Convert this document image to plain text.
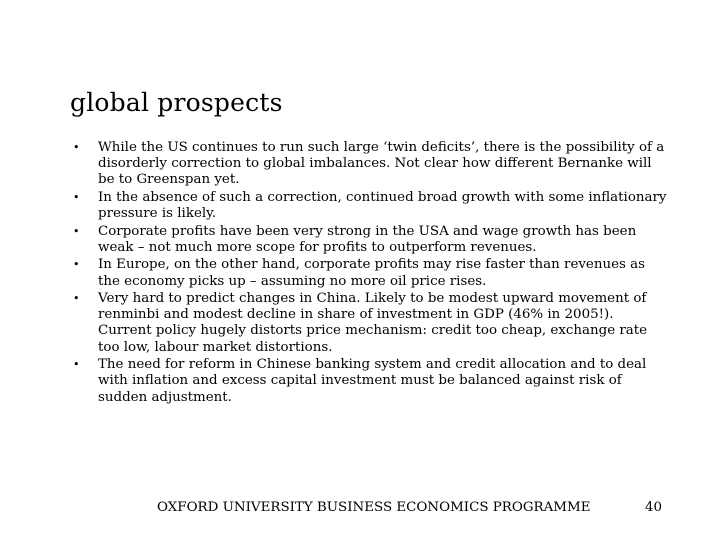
global prospects
•	While the US continues to run such large ‘twin deficits’, there is the possibility of a disorderly correction to global imbalances. Not clear how different Bernanke will be to Greenspan yet.
•	In the absence of such a correction, continued broad growth with some inflationary pressure is likely.
•	Corporate profits have been very strong in the USA and wage growth has been weak – not much more scope for profits to outperform revenues.
•	In Europe, on the other hand, corporate profits may rise faster than revenues as the economy picks up – assuming no more oil price rises.
•	Very hard to predict changes in China. Likely to be modest upward movement of renminbi and modest decline in share of investment in GDP (46% in 2005!). Current policy hugely distorts price mechanism: credit too cheap, exchange rate too low, labour market distortions.
•	The need for reform in Chinese banking system and credit allocation and to deal with inflation and excess capital investment must be balanced against risk of sudden adjustment.
OXFORD UNIVERSITY BUSINESS ECONOMICS PROGRAMME	40
